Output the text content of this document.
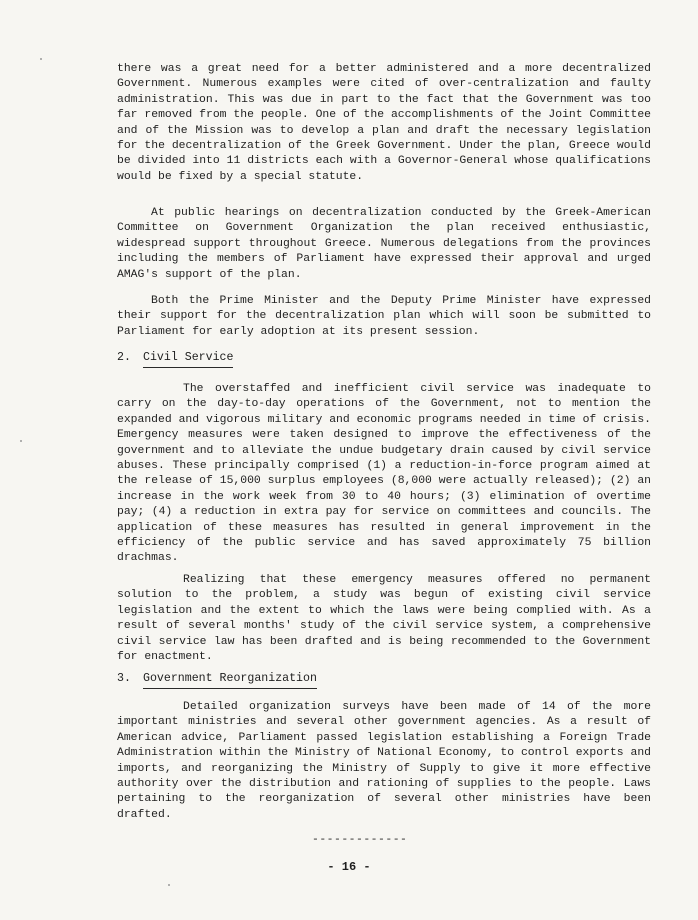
there was a great need for a better administered and a more decentralized Government. Numerous examples were cited of over-centralization and faulty administration. This was due in part to the fact that the Government was too far removed from the people. One of the accomplishments of the Joint Committee and of the Mission was to develop a plan and draft the necessary legislation for the decentralization of the Greek Government. Under the plan, Greece would be divided into 11 districts each with a Governor-General whose qualifications would be fixed by a special statute.

At public hearings on decentralization conducted by the Greek-American Committee on Government Organization the plan received enthusiastic, widespread support throughout Greece. Numerous delegations from the provinces including the members of Parliament have expressed their approval and urged AMAG's support of the plan.

Both the Prime Minister and the Deputy Prime Minister have expressed their support for the decentralization plan which will soon be submitted to Parliament for early adoption at its present session.

2. Civil Service

The overstaffed and inefficient civil service was inadequate to carry on the day-to-day operations of the Government, not to mention the expanded and vigorous military and economic programs needed in time of crisis. Emergency measures were taken designed to improve the effectiveness of the government and to alleviate the undue budgetary drain caused by civil service abuses. These principally comprised (1) a reduction-in-force program aimed at the release of 15,000 surplus employees (8,000 were actually released); (2) an increase in the work week from 30 to 40 hours; (3) elimination of overtime pay; (4) a reduction in extra pay for service on committees and councils. The application of these measures has resulted in general improvement in the efficiency of the public service and has saved approximately 75 billion drachmas.

Realizing that these emergency measures offered no permanent solution to the problem, a study was begun of existing civil service legislation and the extent to which the laws were being complied with. As a result of several months' study of the civil service system, a comprehensive civil service law has been drafted and is being recommended to the Government for enactment.

3. Government Reorganization

Detailed organization surveys have been made of 14 of the more important ministries and several other government agencies. As a result of American advice, Parliament passed legislation establishing a Foreign Trade Administration within the Ministry of National Economy, to control exports and imports, and reorganizing the Ministry of Supply to give it more effective authority over the distribution and rationing of supplies to the people. Laws pertaining to the reorganization of several other ministries have been drafted.

-------------
- 16 -
